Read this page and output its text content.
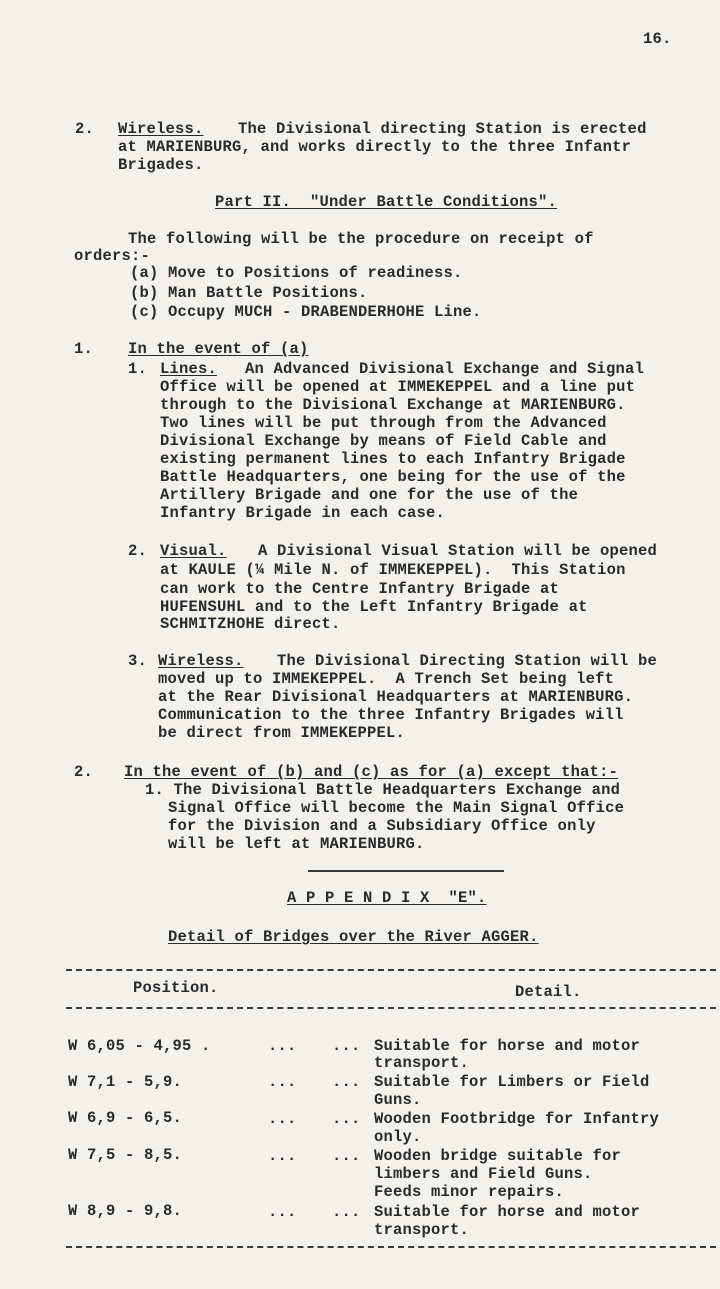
16.
2. Wireless. The Divisional directing Station is erected
at MARIENBURG, and works directly to the three Infantr
Brigades.
Part II.  "Under Battle Conditions".
The following will be the procedure on receipt of
orders:-
(a) Move to Positions of readiness.
(b) Man Battle Positions.
(c) Occupy MUCH - DRABENDERHOHE Line.
1. In the event of (a)
1. Lines. An Advanced Divisional Exchange and Signal
Office will be opened at IMMEKEPPEL and a line put
through to the Divisional Exchange at MARIENBURG.
Two lines will be put through from the Advanced
Divisional Exchange by means of Field Cable and
existing permanent lines to each Infantry Brigade
Battle Headquarters, one being for the use of the
Artillery Brigade and one for the use of the
Infantry Brigade in each case.
2. Visual. A Divisional Visual Station will be opened
at KAULE (¼ Mile N. of IMMEKEPPEL).  This Station
can work to the Centre Infantry Brigade at
HUFENSUHL and to the Left Infantry Brigade at
SCHMITZHOHE direct.
3. Wireless. The Divisional Directing Station will be
moved up to IMMEKEPPEL.  A Trench Set being left
at the Rear Divisional Headquarters at MARIENBURG.
Communication to the three Infantry Brigades will
be direct from IMMEKEPPEL.
2. In the event of (b) and (c) as for (a) except that:-
1. The Divisional Battle Headquarters Exchange and
Signal Office will become the Main Signal Office
for the Division and a Subsidiary Office only
will be left at MARIENBURG.
A P P E N D I X  "E".
Detail of Bridges over the River AGGER.
Position.	Detail.
W 6,05 - 4,95 .	... ... Suitable for horse and motor
transport.
W 7,1 - 5,9.	... ... Suitable for Limbers or Field
Guns.
W 6,9 - 6,5.	... ... Wooden Footbridge for Infantry
only.
W 7,5 - 8,5.	... ... Wooden bridge suitable for
limbers and Field Guns.
Feeds minor repairs.
W 8,9 - 9,8.	... ... Suitable for horse and motor
transport.
